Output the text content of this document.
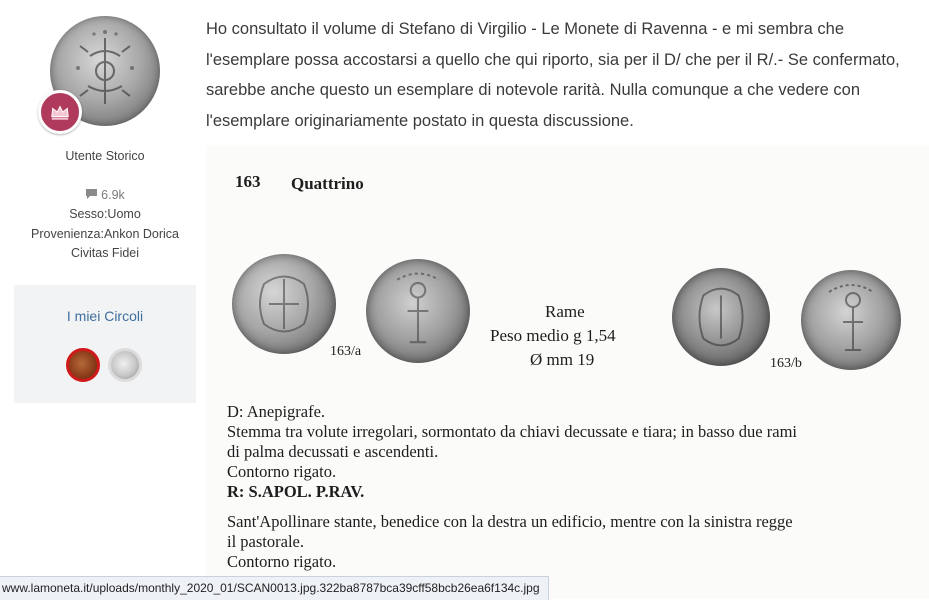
Utente Storico
6.9k
Sesso:Uomo
Provenienza:Ankon Dorica
Civitas Fidei
I miei Circoli

Ho consultato il volume di Stefano di Virgilio - Le Monete di Ravenna - e mi sembra che l'esemplare possa accostarsi a quello che qui riporto, sia per il D/ che per il R/.- Se confermato, sarebbe anche questo un esemplare di notevole rarità. Nulla comunque a che vedere con l'esemplare originariamente postato in questa discussione.

163 Quattrino
163/a
Rame
Peso medio g 1,54
Ø mm 19	163/b
D: Anepigrafe.
Stemma tra volute irregolari, sormontato da chiavi decussate e tiara; in basso due rami
di palma decussati e ascendenti.
Contorno rigato.
R: S.APOL. P.RAV.
Sant'Apollinare stante, benedice con la destra un edificio, mentre con la sinistra regge
il pastorale.
Contorno rigato.
www.lamoneta.it/uploads/monthly_2020_01/SCAN0013.jpg.322ba8787bca39cff58bcb26ea6f134c.jpg
